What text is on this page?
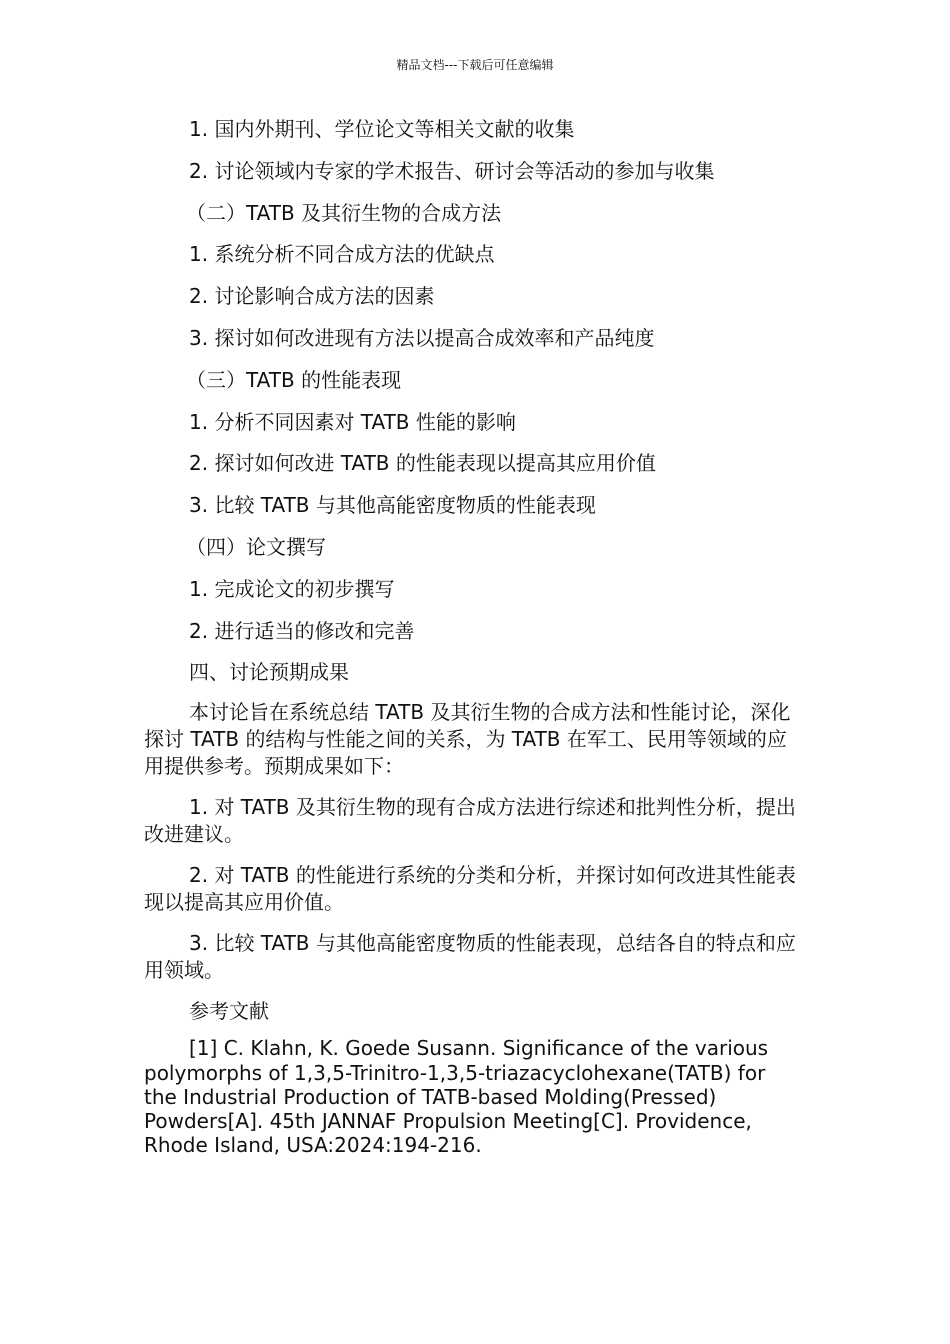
精品文档---下载后可任意编辑
1. 国内外期刊、学位论文等相关文献的收集
2. 讨论领域内专家的学术报告、研讨会等活动的参加与收集
（二）TATB 及其衍生物的合成方法
1. 系统分析不同合成方法的优缺点
2. 讨论影响合成方法的因素
3. 探讨如何改进现有方法以提高合成效率和产品纯度
（三）TATB 的性能表现
1. 分析不同因素对 TATB 性能的影响
2. 探讨如何改进 TATB 的性能表现以提高其应用价值
3. 比较 TATB 与其他高能密度物质的性能表现
（四）论文撰写
1. 完成论文的初步撰写
2. 进行适当的修改和完善
四、讨论预期成果
本讨论旨在系统总结 TATB 及其衍生物的合成方法和性能讨论，深化探讨 TATB 的结构与性能之间的关系，为 TATB 在军工、民用等领域的应用提供参考。预期成果如下：
1. 对 TATB 及其衍生物的现有合成方法进行综述和批判性分析，提出改进建议。
2. 对 TATB 的性能进行系统的分类和分析，并探讨如何改进其性能表现以提高其应用价值。
3. 比较 TATB 与其他高能密度物质的性能表现，总结各自的特点和应用领域。
参考文献
[1] C. Klahn, K. Goede Susann. Significance of the various polymorphs of 1,3,5-Trinitro-1,3,5-triazacyclohexane(TATB) for the Industrial Production of TATB-based Molding(Pressed) Powders[A]. 45th JANNAF Propulsion Meeting[C]. Providence, Rhode Island, USA:2024:194-216.
